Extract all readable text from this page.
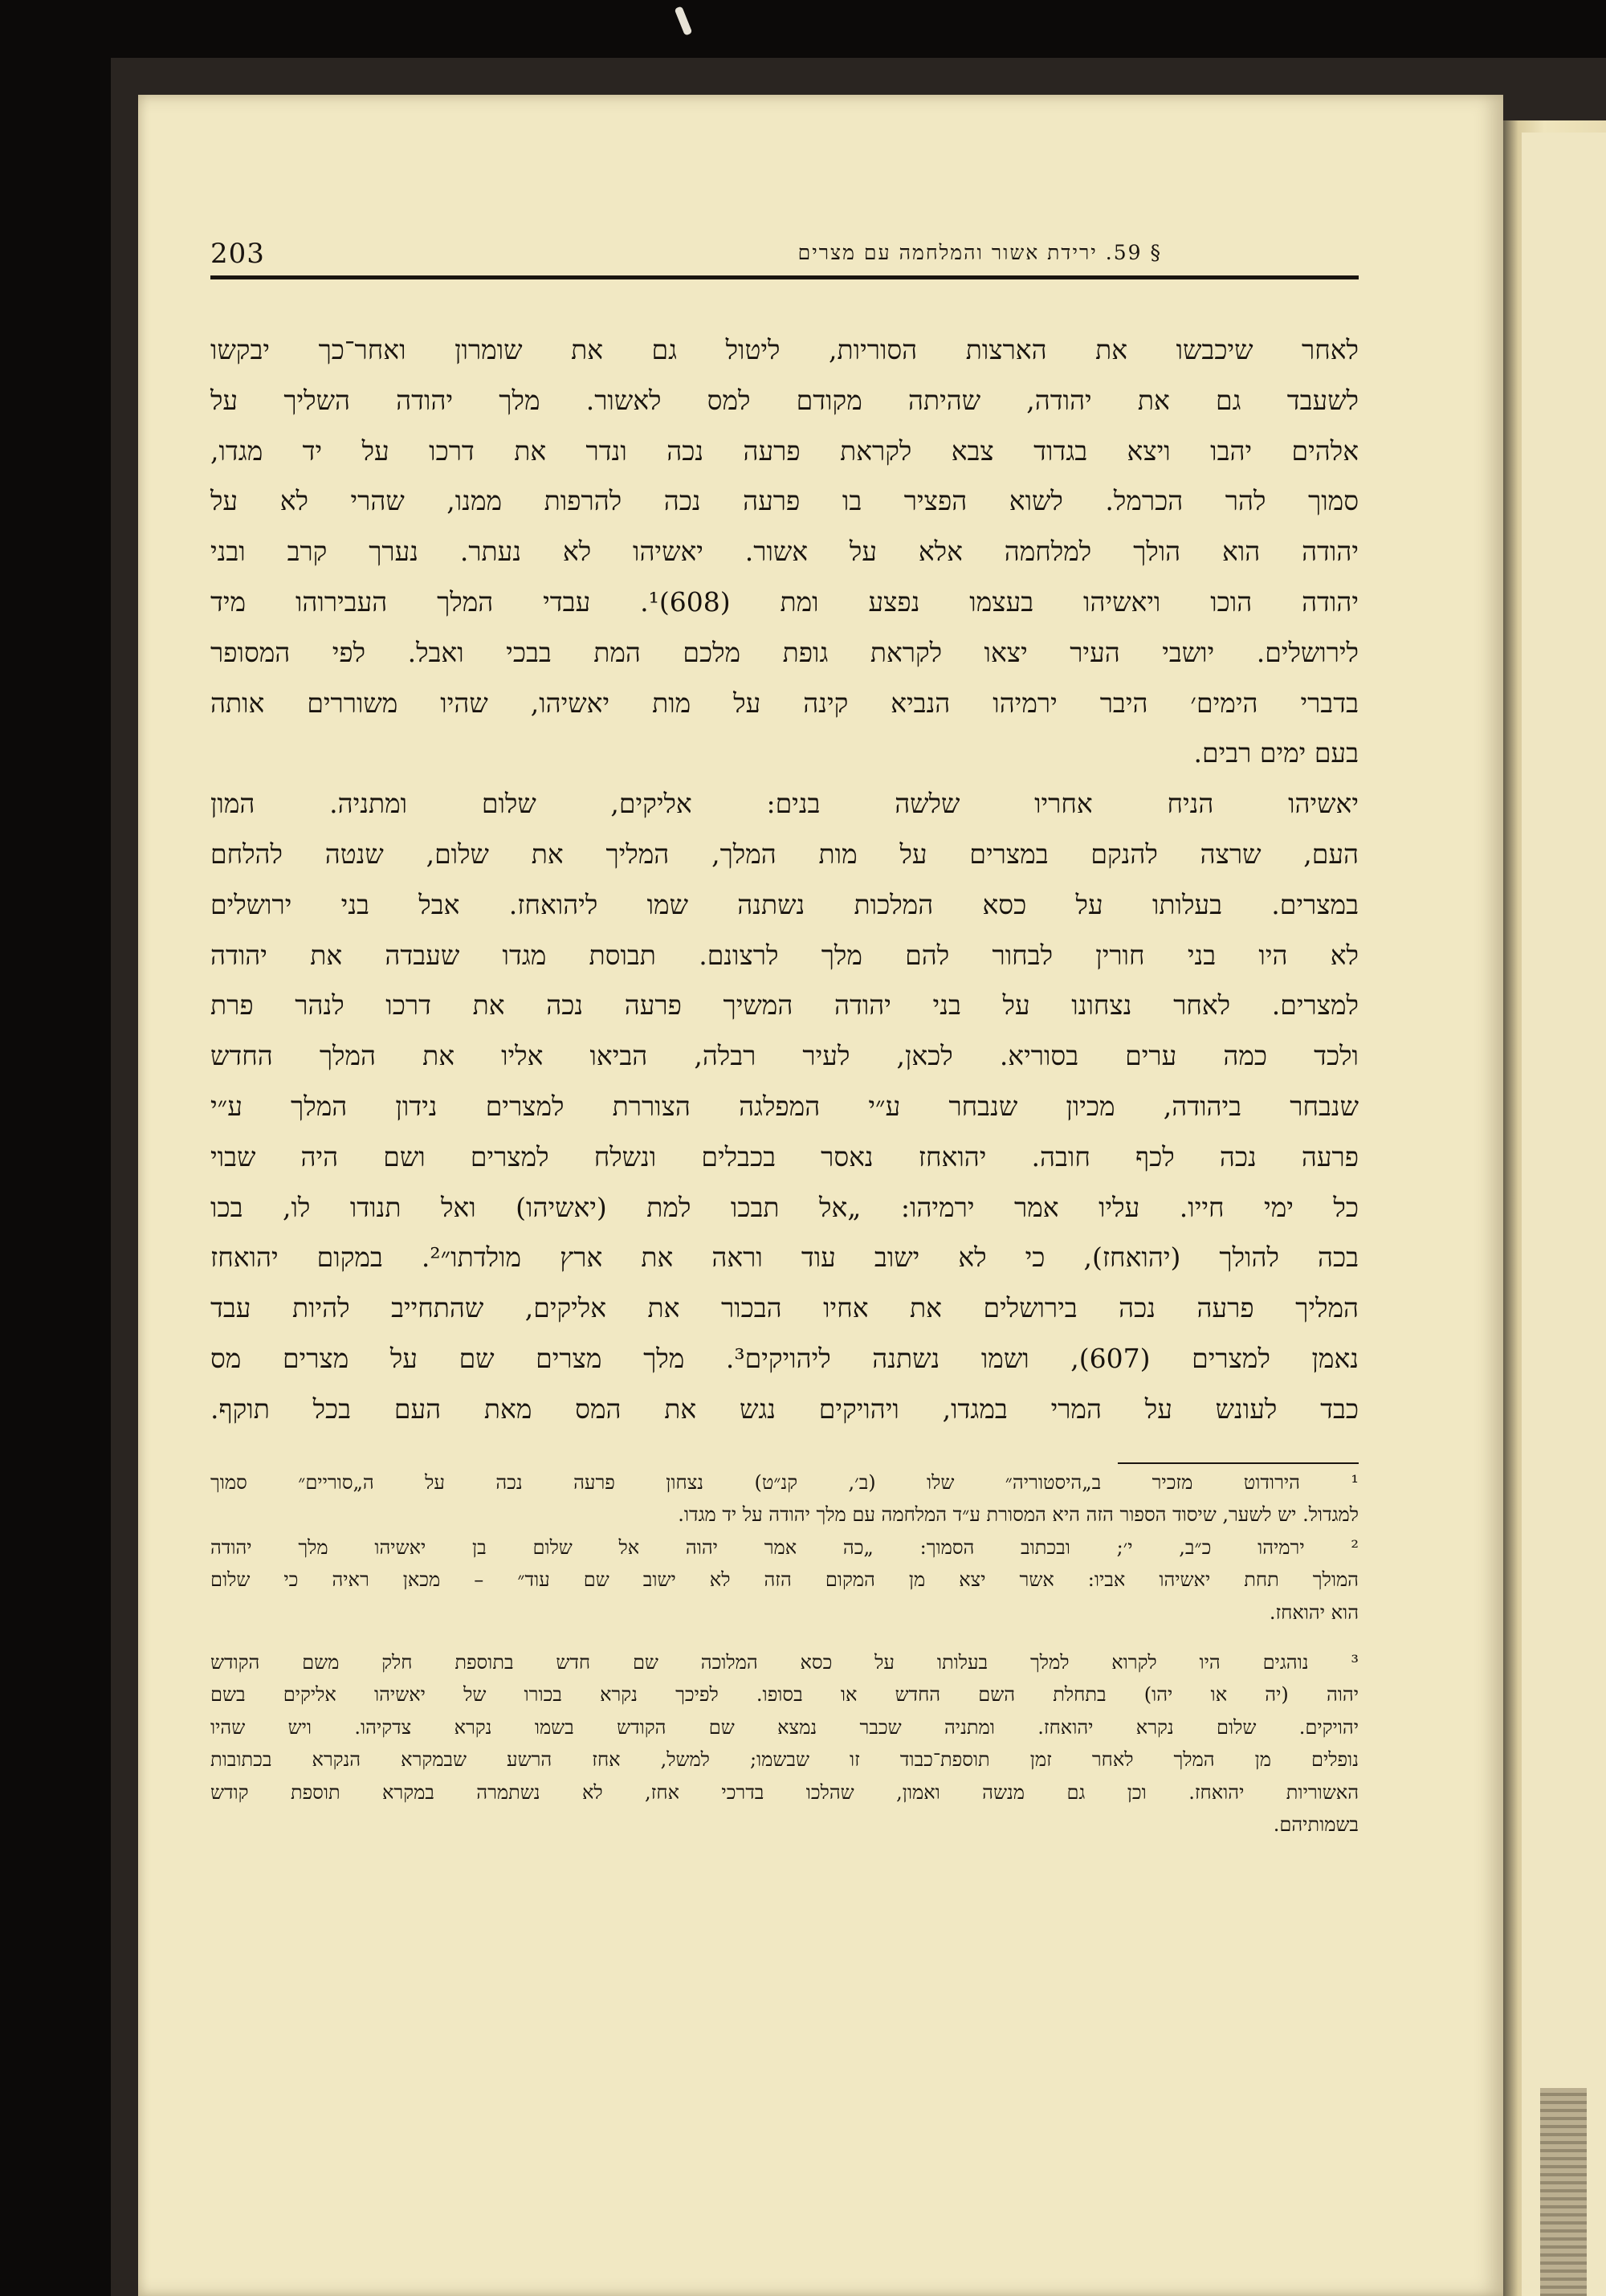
203	§ 59. ירידת אשור והמלחמה עם מצרים
לאחר שיכבשו את הארצות הסוריות, ליטול גם את שומרון ואחר־כך יבקשו
לשעבד גם את יהודה, שהיתה מקודם למס לאשור. מלך יהודה השליך על
אלהים יהבו ויצא בגדוד צבא לקראת פרעה נכה ונדר את דרכו על יד מגדו,
סמוך להר הכרמל. לשוא הפציר בו פרעה נכה להרפות ממנו, שהרי לא על
יהודה הוא הולך למלחמה אלא על אשור. יאשיהו לא נעתר. נערך קרב ובני
יהודה הוכו ויאשיהו בעצמו נפצע ומת (608)¹. עבדי המלך העבירוהו מיד
לירושלים. יושבי העיר יצאו לקראת גופת מלכם המת בבכי ואבל. לפי המסופר
בדברי הימים׳ היבר ירמיהו הנביא קינה על מות יאשיהו, שהיו משוררים אותה
בעם ימים רבים.
יאשיהו הניח אחריו שלשה בנים: אליקים, שלום ומתניה. המון
העם, שרצה להנקם במצרים על מות המלך, המליך את שלום, שנטה להלחם
במצרים. בעלותו על כסא המלכות נשתנה שמו ליהואחז. אבל בני ירושלים
לא היו בני חורין לבחור להם מלך לרצונם. תבוסת מגדו שעבדה את יהודה
למצרים. לאחר נצחונו על בני יהודה המשיך פרעה נכה את דרכו לנהר פרת
ולכד כמה ערים בסוריא. לכאן, לעיר רבלה, הביאו אליו את המלך החדש
שנבחר ביהודה, מכיון שנבחר ע״י המפלגה הצוררת למצרים נידון המלך ע״י
פרעה נכה לכף חובה. יהואחז נאסר בכבלים ונשלח למצרים ושם היה שבוי
כל ימי חייו. עליו אמר ירמיהו: „אל תבכו למת (יאשיהו) ואל תנודו לו, בכו
בכה להולך (יהואחז), כי לא ישוב עוד וראה את ארץ מולדתו״². במקום יהואחז
המליך פרעה נכה בירושלים את אחיו הבכור את אליקים, שהתחייב להיות עבד
נאמן למצרים (607), ושמו נשתנה ליהויקים³. מלך מצרים שם על מצרים מס
כבד לעונש על המרי במגדו, ויהויקים נגש את המס מאת העם בכל תוקף.
¹ הירודוט מזכיר ב„היסטוריה״ שלו (ב׳, קנ״ט) נצחון פרעה נכה על ה„סוריים״ סמוך
למגדול. יש לשער, שיסוד הספור הזה היא המסורת ע״ד המלחמה עם מלך יהודה על יד מגדו.
² ירמיהו כ״ב, י׳; ובכתוב הסמוך: „כה אמר יהוה אל שלום בן יאשיהו מלך יהודה
המולך תחת יאשיהו אביו: אשר יצא מן המקום הזה לא ישוב שם עוד״ – מכאן ראיה כי שלום
הוא יהואחז.
³ נוהגים היו לקרוא למלך בעלותו על כסא המלוכה שם חדש בתוספת חלק משם הקודש
יהוה (יה או יהו) בתחלת השם החדש או בסופו. לפיכך נקרא בכורו של יאשיהו אליקים בשם
יהויקים. שלום נקרא יהואחז. ומתניה שכבר נמצא שם הקודש בשמו נקרא צדקיהו. ויש שהיו
נופלים מן המלך לאחר זמן תוספת־כבוד זו שבשמו; למשל, אחז הרשע שבמקרא הנקרא בכתובות
האשוריות יהואחז. וכן גם מנשה ואמון, שהלכו בדרכי אחז, לא נשתמרה במקרא תוספת קודש
בשמותיהם.
